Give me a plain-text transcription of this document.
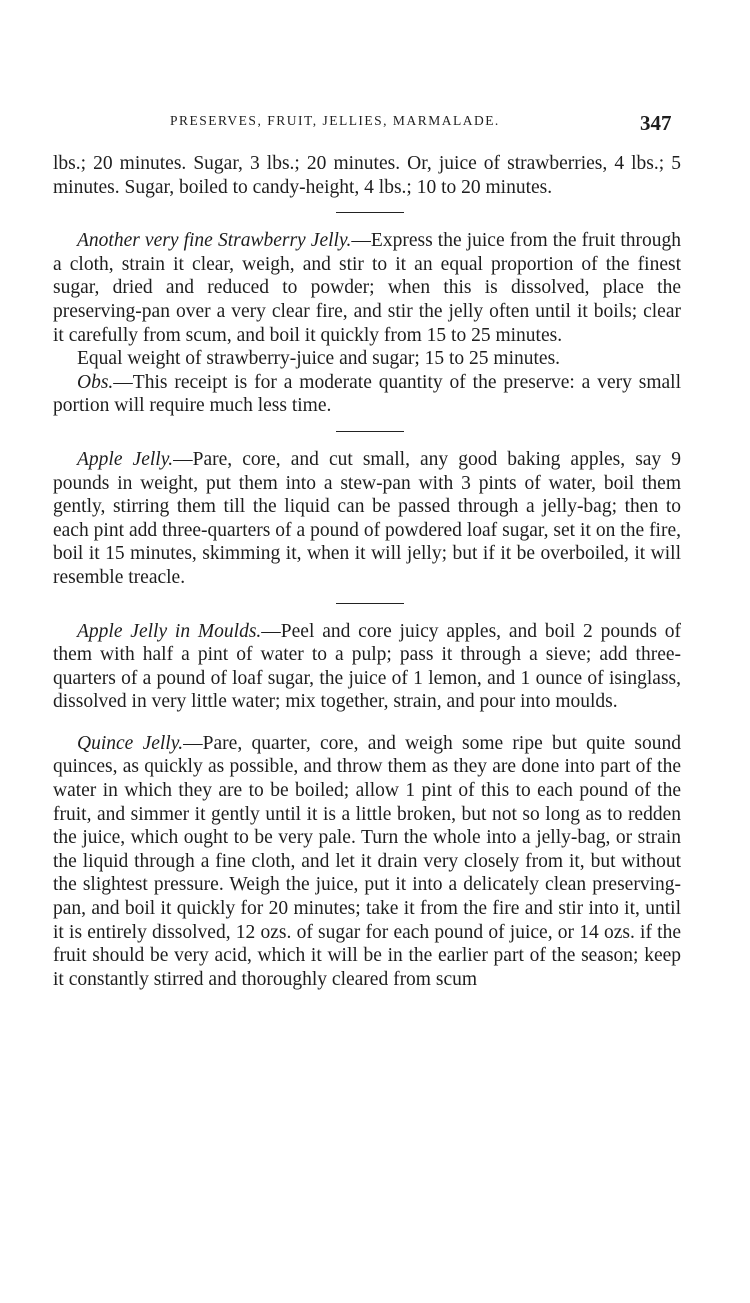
PRESERVES, FRUIT, JELLIES, MARMALADE.	347

lbs.; 20 minutes. Sugar, 3 lbs.; 20 minutes. Or, juice of strawberries, 4 lbs.; 5 minutes. Sugar, boiled to candy-height, 4 lbs.; 10 to 20 minutes.

Another very fine Strawberry Jelly.—Express the juice from the fruit through a cloth, strain it clear, weigh, and stir to it an equal proportion of the finest sugar, dried and reduced to powder; when this is dissolved, place the preserving-pan over a very clear fire, and stir the jelly often until it boils; clear it carefully from scum, and boil it quickly from 15 to 25 minutes.

Equal weight of strawberry-juice and sugar; 15 to 25 minutes.

Obs.—This receipt is for a moderate quantity of the preserve: a very small portion will require much less time.

Apple Jelly.—Pare, core, and cut small, any good baking apples, say 9 pounds in weight, put them into a stew-pan with 3 pints of water, boil them gently, stirring them till the liquid can be passed through a jelly-bag; then to each pint add three-quarters of a pound of powdered loaf sugar, set it on the fire, boil it 15 minutes, skimming it, when it will jelly; but if it be overboiled, it will resemble treacle.

Apple Jelly in Moulds.—Peel and core juicy apples, and boil 2 pounds of them with half a pint of water to a pulp; pass it through a sieve; add three-quarters of a pound of loaf sugar, the juice of 1 lemon, and 1 ounce of isinglass, dissolved in very little water; mix together, strain, and pour into moulds.

Quince Jelly.—Pare, quarter, core, and weigh some ripe but quite sound quinces, as quickly as possible, and throw them as they are done into part of the water in which they are to be boiled; allow 1 pint of this to each pound of the fruit, and simmer it gently until it is a little broken, but not so long as to redden the juice, which ought to be very pale. Turn the whole into a jelly-bag, or strain the liquid through a fine cloth, and let it drain very closely from it, but without the slightest pressure. Weigh the juice, put it into a delicately clean preserving-pan, and boil it quickly for 20 minutes; take it from the fire and stir into it, until it is entirely dissolved, 12 ozs. of sugar for each pound of juice, or 14 ozs. if the fruit should be very acid, which it will be in the earlier part of the season; keep it constantly stirred and thoroughly cleared from scum
